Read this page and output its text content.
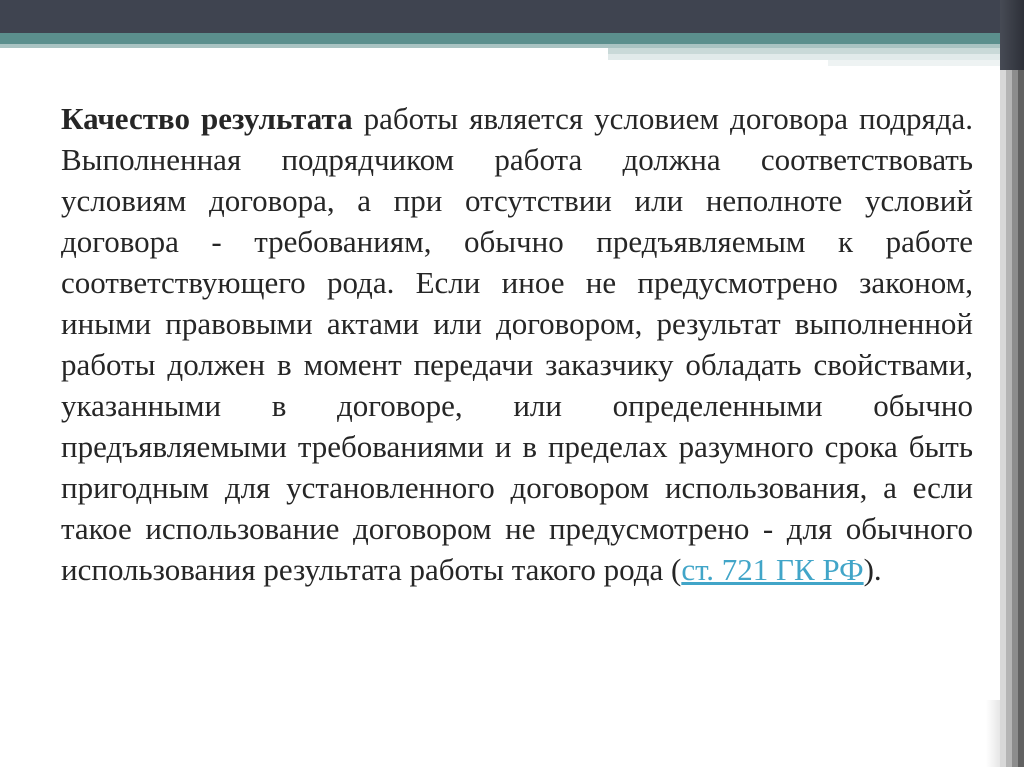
Качество результата работы является условием договора подряда. Выполненная подрядчиком работа должна соответствовать условиям договора, а при отсутствии или неполноте условий договора - требованиям, обычно предъявляемым к работе соответствующего рода. Если иное не предусмотрено законом, иными правовыми актами или договором, результат выполненной работы должен в момент передачи заказчику обладать свойствами, указанными в договоре, или определенными обычно предъявляемыми требованиями и в пределах разумного срока быть пригодным для установленного договором использования, а если такое использование договором не предусмотрено - для обычного использования результата работы такого рода (ст. 721 ГК РФ).
